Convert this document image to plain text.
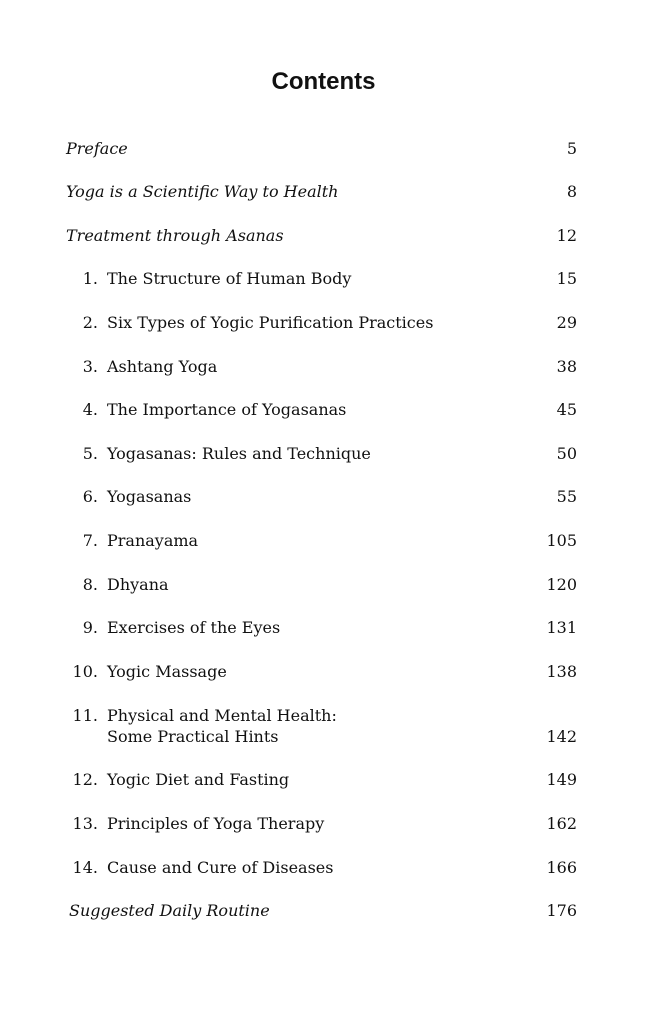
Contents
Preface	5
Yoga is a Scientific Way to Health	8
Treatment through Asanas	12
1. The Structure of Human Body	15
2. Six Types of Yogic Purification Practices	29
3. Ashtang Yoga	38
4. The Importance of Yogasanas	45
5. Yogasanas: Rules and Technique	50
6. Yogasanas	55
7. Pranayama	105
8. Dhyana	120
9. Exercises of the Eyes	131
10. Yogic Massage	138
11. Physical and Mental Health:
Some Practical Hints	142
12. Yogic Diet and Fasting	149
13. Principles of Yoga Therapy	162
14. Cause and Cure of Diseases	166
Suggested Daily Routine	176
